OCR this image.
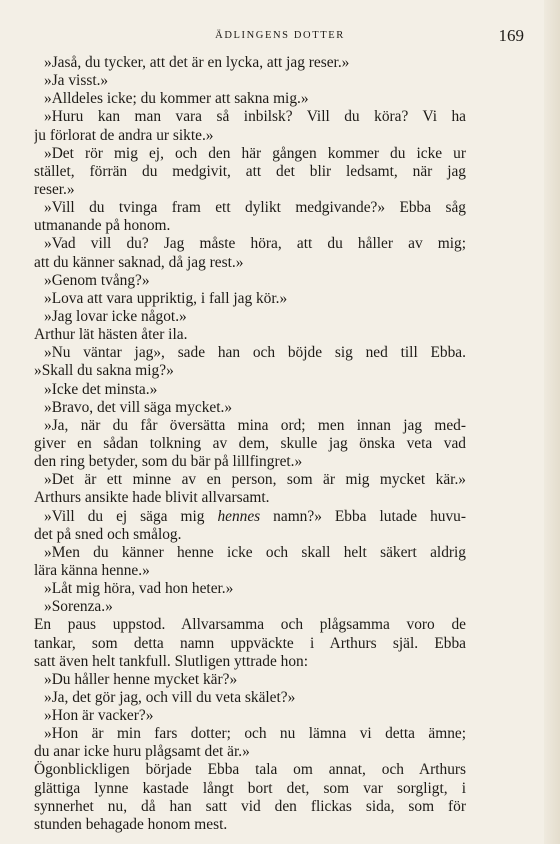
ÄDLINGENS DOTTER	169
»Jaså, du tycker, att det är en lycka, att jag reser.»
»Ja visst.»
»Alldeles icke; du kommer att sakna mig.»
»Huru kan man vara så inbilsk? Vill du köra? Vi ha
ju förlorat de andra ur sikte.»
»Det rör mig ej, och den här gången kommer du icke ur
stället, förrän du medgivit, att det blir ledsamt, när jag
reser.»
»Vill du tvinga fram ett dylikt medgivande?» Ebba såg
utmanande på honom.
»Vad vill du? Jag måste höra, att du håller av mig;
att du känner saknad, då jag rest.»
»Genom tvång?»
»Lova att vara uppriktig, i fall jag kör.»
»Jag lovar icke något.»
Arthur lät hästen åter ila.
»Nu väntar jag», sade han och böjde sig ned till Ebba.
»Skall du sakna mig?»
»Icke det minsta.»
»Bravo, det vill säga mycket.»
»Ja, när du får översätta mina ord; men innan jag med-
giver en sådan tolkning av dem, skulle jag önska veta vad
den ring betyder, som du bär på lillfingret.»
»Det är ett minne av en person, som är mig mycket kär.»
Arthurs ansikte hade blivit allvarsamt.
»Vill du ej säga mig hennes namn?» Ebba lutade huvu-
det på sned och smålog.
»Men du känner henne icke och skall helt säkert aldrig
lära känna henne.»
»Låt mig höra, vad hon heter.»
»Sorenza.»
En paus uppstod. Allvarsamma och plågsamma voro de
tankar, som detta namn uppväckte i Arthurs själ. Ebba
satt även helt tankfull. Slutligen yttrade hon:
»Du håller henne mycket kär?»
»Ja, det gör jag, och vill du veta skälet?»
»Hon är vacker?»
»Hon är min fars dotter; och nu lämna vi detta ämne;
du anar icke huru plågsamt det är.»
Ögonblickligen började Ebba tala om annat, och Arthurs
glättiga lynne kastade långt bort det, som var sorgligt, i
synnerhet nu, då han satt vid den flickas sida, som för
stunden behagade honom mest.
